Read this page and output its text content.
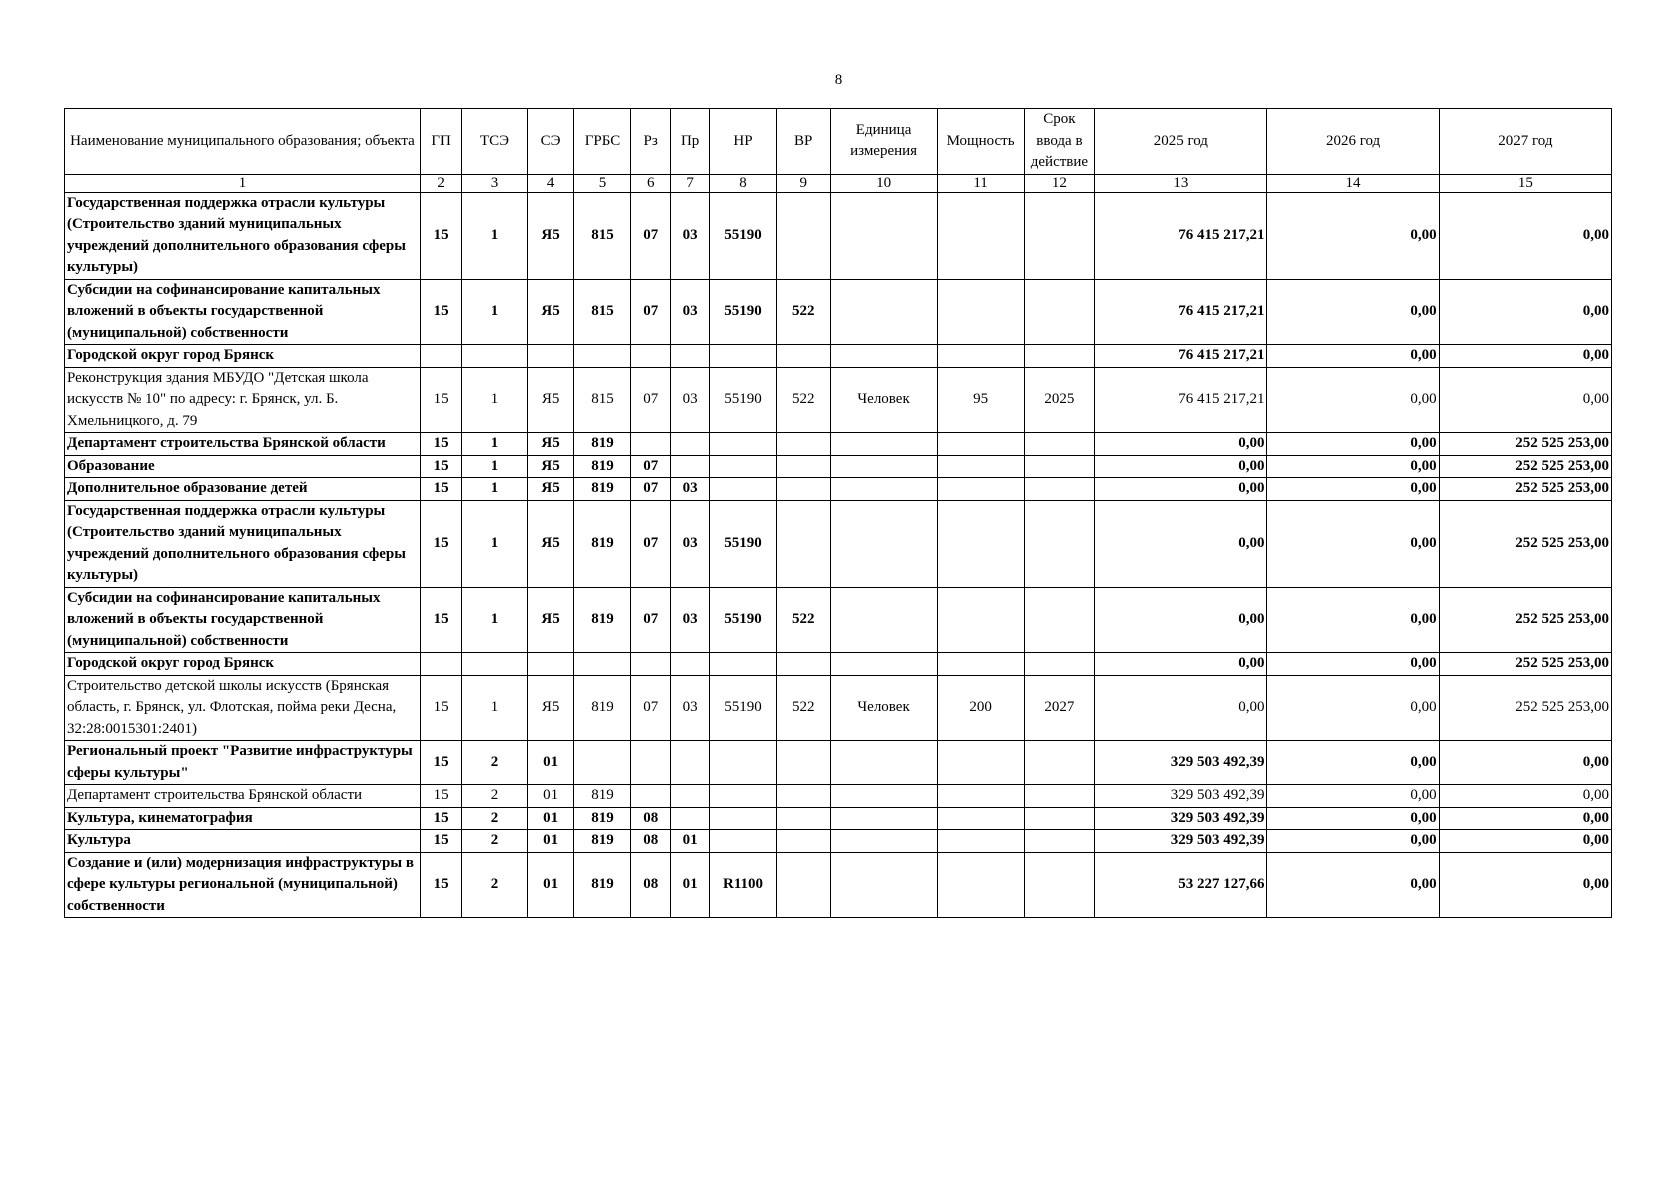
8
Наименование муниципального образования; объекта	ГП	ТСЭ	СЭ	ГРБС	Рз	Пр	НР	ВР	Единица измерения	Мощность	Срок ввода в действие	2025 год	2026 год	2027 год
1	2	3	4	5	6	7	8	9	10	11	12	13	14	15
Государственная поддержка отрасли культуры (Строительство зданий муниципальных учреждений дополнительного образования сферы культуры)	15	1	Я5	815	07	03	55190					76 415 217,21	0,00	0,00
Субсидии на софинансирование капитальных вложений в объекты государственной (муниципальной) собственности	15	1	Я5	815	07	03	55190	522				76 415 217,21	0,00	0,00
Городской округ город Брянск												76 415 217,21	0,00	0,00
Реконструкция здания МБУДО "Детская школа искусств № 10" по адресу: г. Брянск, ул. Б. Хмельницкого, д. 79	15	1	Я5	815	07	03	55190	522	Человек	95	2025	76 415 217,21	0,00	0,00
Департамент строительства Брянской области	15	1	Я5	819								0,00	0,00	252 525 253,00
Образование	15	1	Я5	819	07							0,00	0,00	252 525 253,00
Дополнительное образование детей	15	1	Я5	819	07	03						0,00	0,00	252 525 253,00
Государственная поддержка отрасли культуры (Строительство зданий муниципальных учреждений дополнительного образования сферы культуры)	15	1	Я5	819	07	03	55190					0,00	0,00	252 525 253,00
Субсидии на софинансирование капитальных вложений в объекты государственной (муниципальной) собственности	15	1	Я5	819	07	03	55190	522				0,00	0,00	252 525 253,00
Городской округ город Брянск												0,00	0,00	252 525 253,00
Строительство детской школы искусств (Брянская область, г. Брянск, ул. Флотская, пойма реки Десна, 32:28:0015301:2401)	15	1	Я5	819	07	03	55190	522	Человек	200	2027	0,00	0,00	252 525 253,00
Региональный проект "Развитие инфраструктуры сферы культуры"	15	2	01									329 503 492,39	0,00	0,00
Департамент строительства Брянской области	15	2	01	819								329 503 492,39	0,00	0,00
Культура, кинематография	15	2	01	819	08							329 503 492,39	0,00	0,00
Культура	15	2	01	819	08	01						329 503 492,39	0,00	0,00
Создание и (или) модернизация инфраструктуры в сфере культуры региональной (муниципальной) собственности	15	2	01	819	08	01	R1100					53 227 127,66	0,00	0,00
